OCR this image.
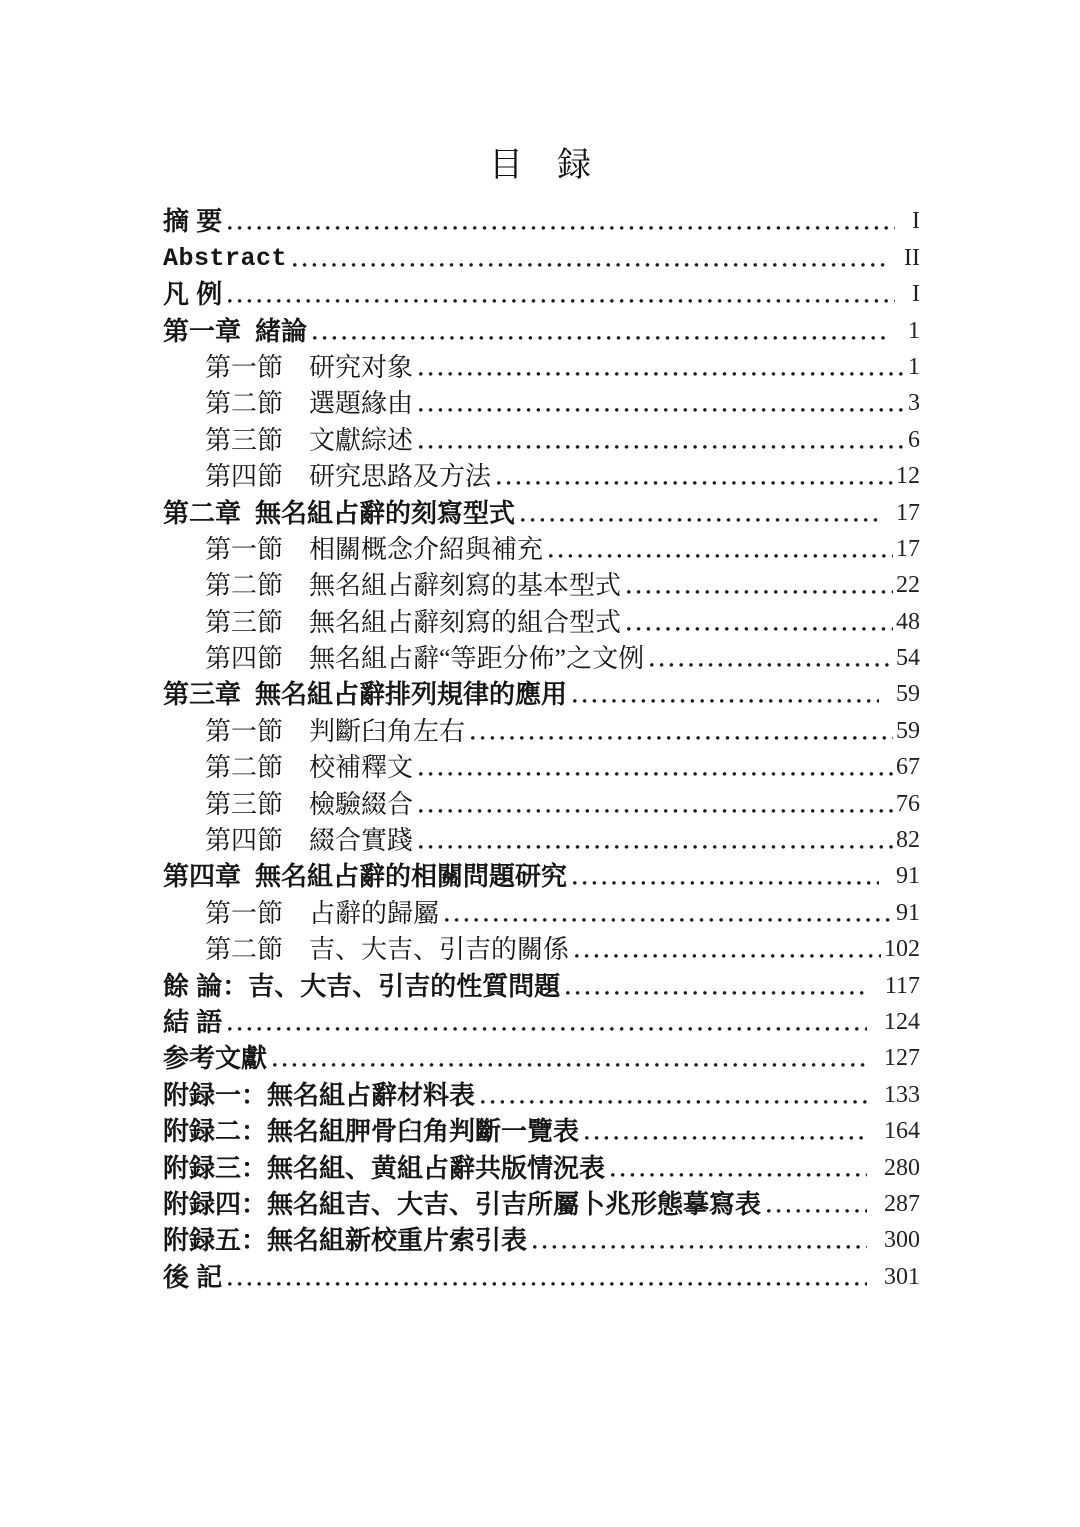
目　録
摘 要	I
Abstract	II
凡 例	I
第一章 緒論	1
第一節 研究对象	1
第二節 選題緣由	3
第三節 文獻綜述	6
第四節 研究思路及方法	12
第二章 無名組占辭的刻寫型式	17
第一節 相關概念介紹與補充	17
第二節 無名組占辭刻寫的基本型式	22
第三節 無名組占辭刻寫的組合型式	48
第四節 無名組占辭“等距分佈”之文例	54
第三章 無名組占辭排列規律的應用	59
第一節 判斷臼角左右	59
第二節 校補釋文	67
第三節 檢驗綴合	76
第四節 綴合實踐	82
第四章 無名組占辭的相關問題研究	91
第一節 占辭的歸屬	91
第二節 吉、大吉、引吉的關係	102
餘 論：吉、大吉、引吉的性質問題	117
結 語	124
参考文獻	127
附録一：無名組占辭材料表	133
附録二：無名組胛骨臼角判斷一覽表	164
附録三：無名組、黄組占辭共版情況表	280
附録四：無名組吉、大吉、引吉所屬卜兆形態摹寫表	287
附録五：無名組新校重片索引表	300
後 記	301
